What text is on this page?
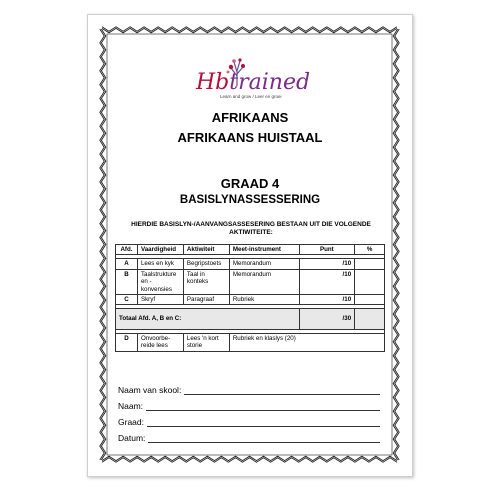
Hbtrained
Learn and grow / Leer en groei
AFRIKAANS
AFRIKAANS HUISTAAL
GRAAD 4
BASISLYNASSESSERING
HIERDIE BASISLYN-/AANVANGSASSESERING BESTAAN UIT DIE VOLGENDE AKTIWITEITE:
Afd.	Vaardigheid	Aktiwiteit	Meet-instrument	Punt	%

A	Lees en kyk	Begripstoets	Memorandum	/10	
B	Taalstrukture en - konvensies	Taal in konteks	Memorandum	/10	
C	Skryf	Paragraaf	Rubriek	/10	

Totaal Afd. A, B en C:				/30	

D	Onvoorbe- reide lees	Lees 'n kort storie	Rubriek en klaslys (20)		
Naam van skool:
Naam:
Graad:
Datum:
